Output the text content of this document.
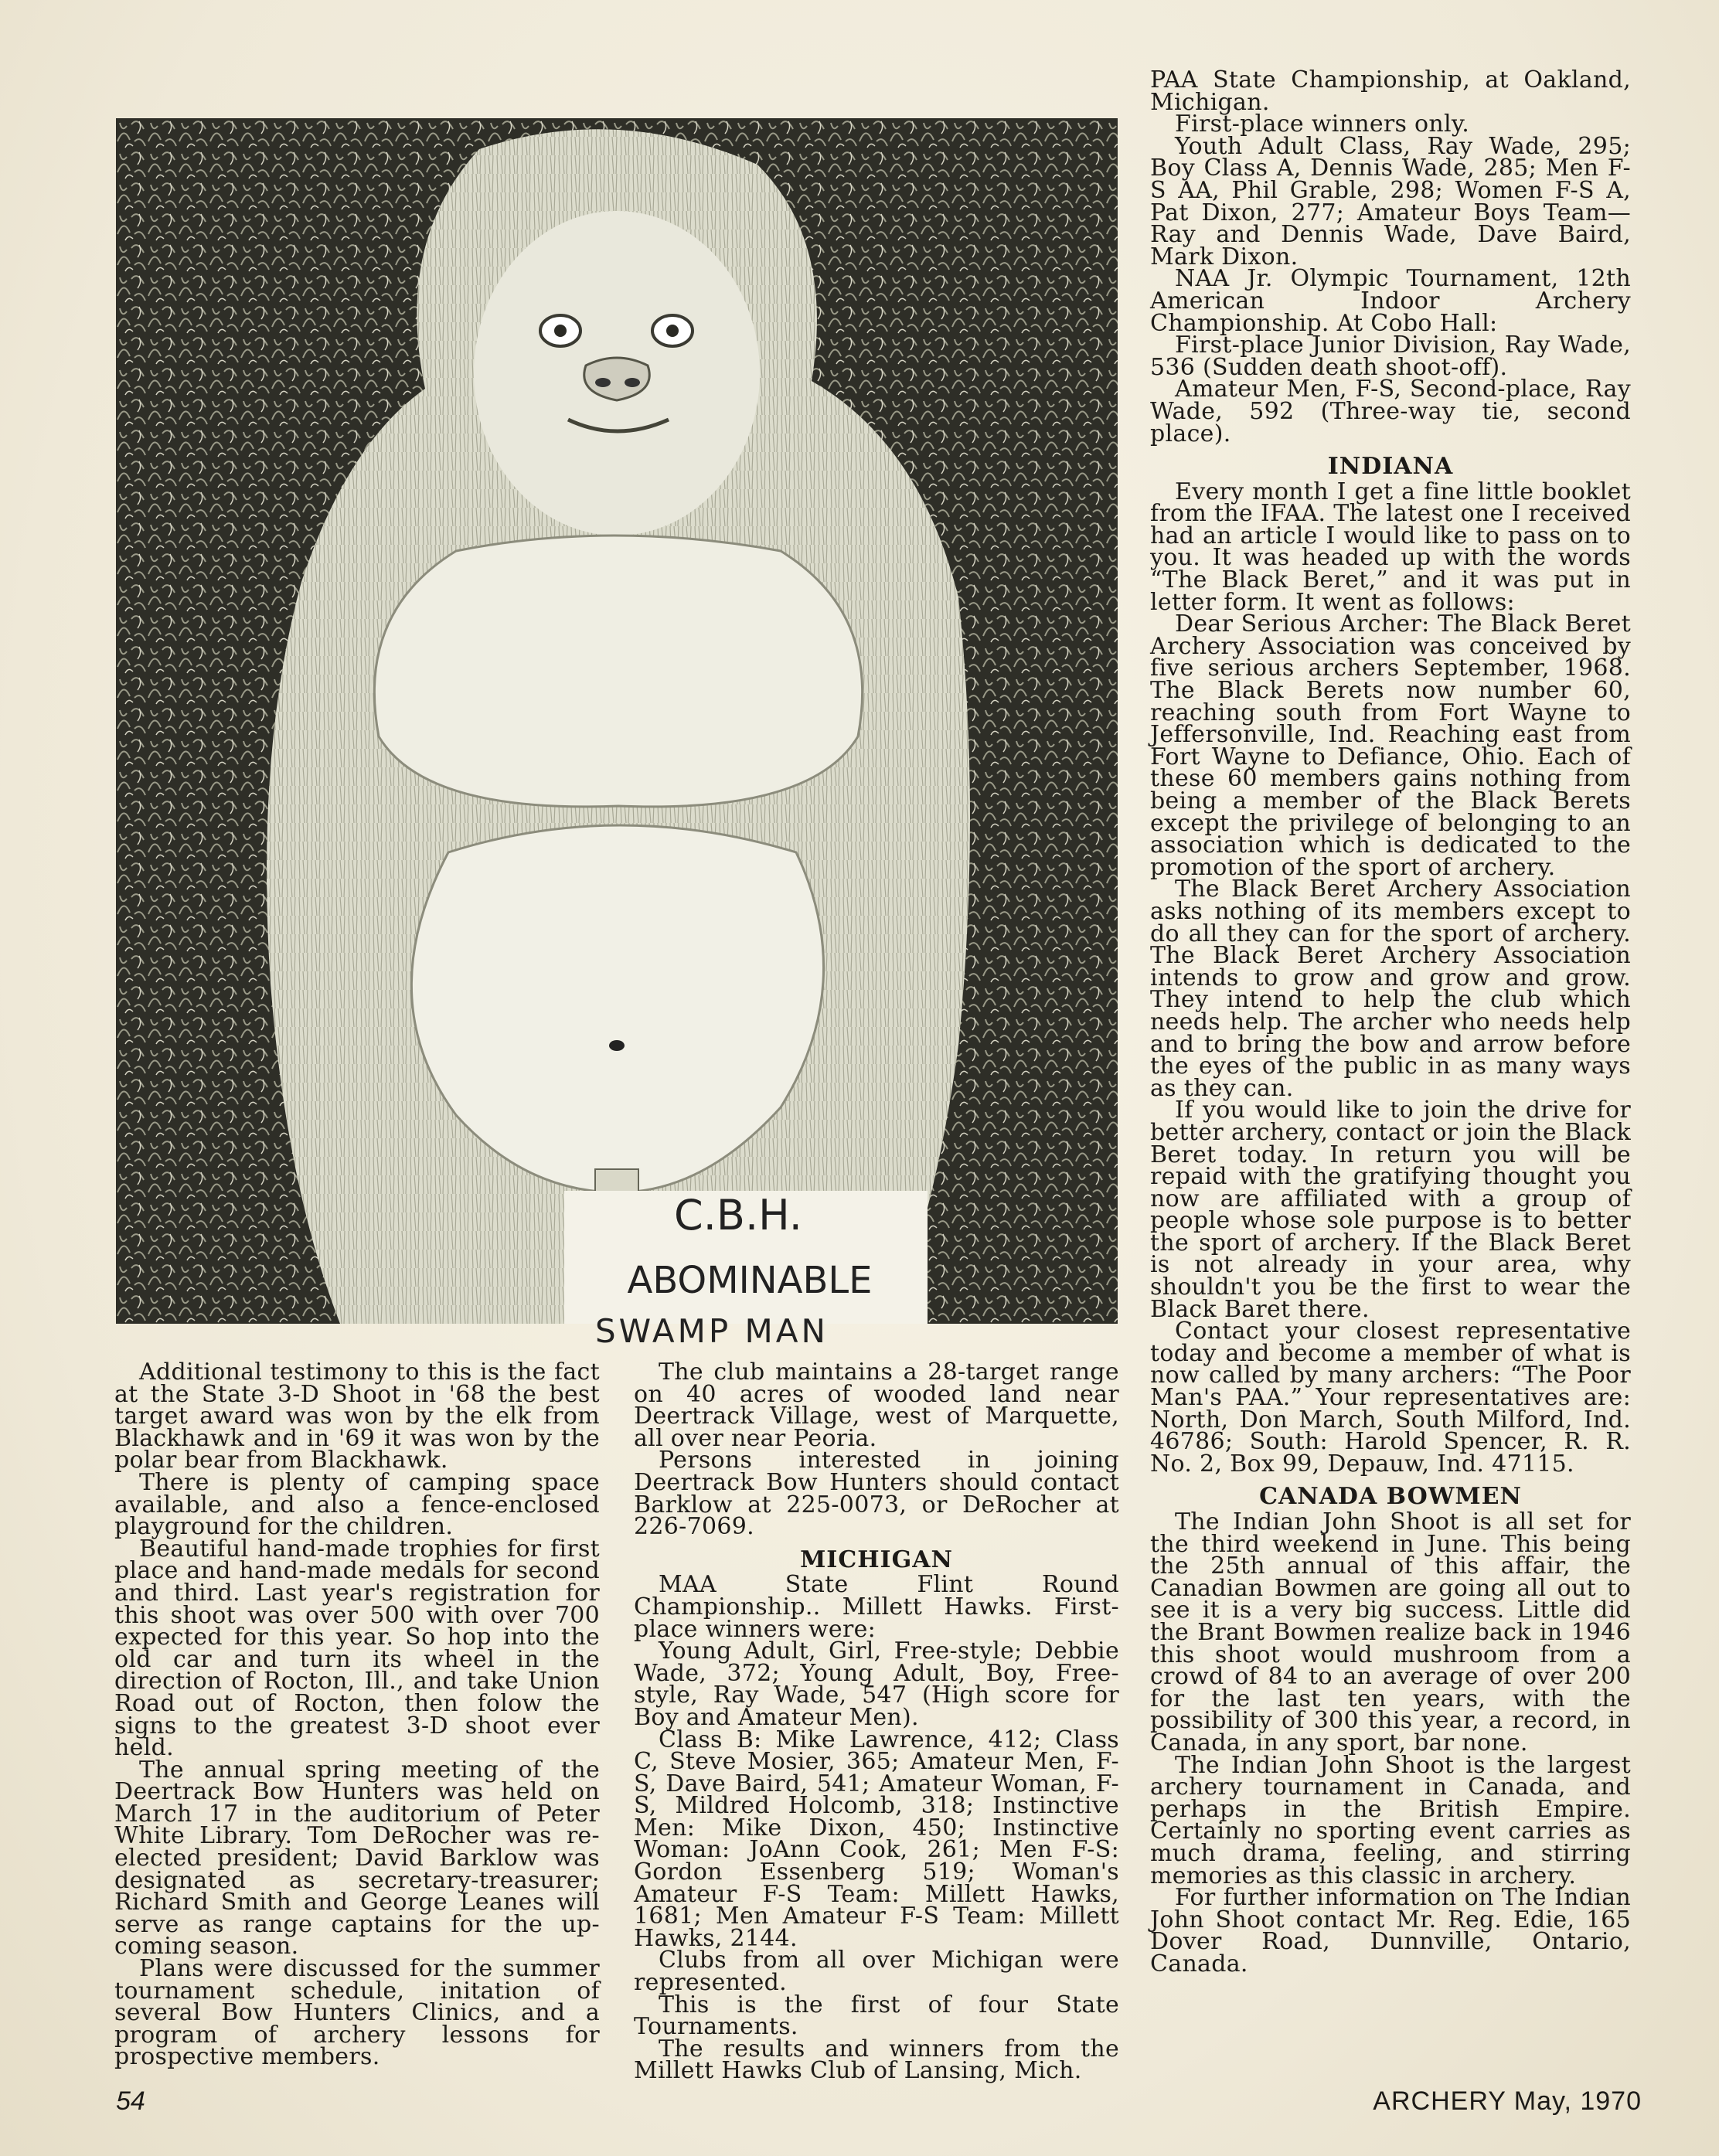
C.B.H.
ABOMINABLE
SWAMP MAN

Additional testimony to this is the fact at the State 3-D Shoot in '68 the best target award was won by the elk from Blackhawk and in '69 it was won by the polar bear from Blackhawk.

There is plenty of camping space available, and also a fence-enclosed playground for the children.

Beautiful hand-made trophies for first place and hand-made medals for second and third. Last year's registration for this shoot was over 500 with over 700 expected for this year. So hop into the old car and turn its wheel in the direction of Rocton, Ill., and take Union Road out of Rocton, then folow the signs to the greatest 3-D shoot ever held.

The annual spring meeting of the Deertrack Bow Hunters was held on March 17 in the auditorium of Peter White Library. Tom DeRocher was re-elected president; David Barklow was designated as secretary-treasurer; Richard Smith and George Leanes will serve as range captains for the up-coming season.

Plans were discussed for the summer tournament schedule, initation of several Bow Hunters Clinics, and a program of archery lessons for prospective members.

The club maintains a 28-target range on 40 acres of wooded land near Deertrack Village, west of Marquette, all over near Peoria.

Persons interested in joining Deertrack Bow Hunters should contact Barklow at 225-0073, or DeRocher at 226-7069.

MICHIGAN

MAA State Flint Round Championship.. Millett Hawks. First-place winners were:

Young Adult, Girl, Free-style; Debbie Wade, 372; Young Adult, Boy, Free-style, Ray Wade, 547 (High score for Boy and Amateur Men).

Class B: Mike Lawrence, 412; Class C, Steve Mosier, 365; Amateur Men, F-S, Dave Baird, 541; Amateur Woman, F-S, Mildred Holcomb, 318; Instinctive Men: Mike Dixon, 450; Instinctive Woman: JoAnn Cook, 261; Men F-S: Gordon Essenberg 519; Woman's Amateur F-S Team: Millett Hawks, 1681; Men Amateur F-S Team: Millett Hawks, 2144.

Clubs from all over Michigan were represented.

This is the first of four State Tournaments.

The results and winners from the Millett Hawks Club of Lansing, Mich.

PAA State Championship, at Oakland, Michigan.

First-place winners only.

Youth Adult Class, Ray Wade, 295; Boy Class A, Dennis Wade, 285; Men F-S AA, Phil Grable, 298; Women F-S A, Pat Dixon, 277; Amateur Boys Team—Ray and Dennis Wade, Dave Baird, Mark Dixon.

NAA Jr. Olympic Tournament, 12th American Indoor Archery Championship. At Cobo Hall:

First-place Junior Division, Ray Wade, 536 (Sudden death shoot-off).

Amateur Men, F-S, Second-place, Ray Wade, 592 (Three-way tie, second place).

INDIANA

Every month I get a fine little booklet from the IFAA. The latest one I received had an article I would like to pass on to you. It was headed up with the words “The Black Beret,” and it was put in letter form. It went as follows:

Dear Serious Archer: The Black Beret Archery Association was conceived by five serious archers September, 1968. The Black Berets now number 60, reaching south from Fort Wayne to Jeffersonville, Ind. Reaching east from Fort Wayne to Defiance, Ohio. Each of these 60 members gains nothing from being a member of the Black Berets except the privilege of belonging to an association which is dedicated to the promotion of the sport of archery.

The Black Beret Archery Association asks nothing of its members except to do all they can for the sport of archery. The Black Beret Archery Association intends to grow and grow and grow. They intend to help the club which needs help. The archer who needs help and to bring the bow and arrow before the eyes of the public in as many ways as they can.

If you would like to join the drive for better archery, contact or join the Black Beret today. In return you will be repaid with the gratifying thought you now are affiliated with a group of people whose sole purpose is to better the sport of archery. If the Black Beret is not already in your area, why shouldn't you be the first to wear the Black Baret there.

Contact your closest representative today and become a member of what is now called by many archers: “The Poor Man's PAA.” Your representatives are: North, Don March, South Milford, Ind. 46786; South: Harold Spencer, R. R. No. 2, Box 99, Depauw, Ind. 47115.

CANADA BOWMEN

The Indian John Shoot is all set for the third weekend in June. This being the 25th annual of this affair, the Canadian Bowmen are going all out to see it is a very big success. Little did the Brant Bowmen realize back in 1946 this shoot would mushroom from a crowd of 84 to an average of over 200 for the last ten years, with the possibility of 300 this year, a record, in Canada, in any sport, bar none.

The Indian John Shoot is the largest archery tournament in Canada, and perhaps in the British Empire. Certainly no sporting event carries as much drama, feeling, and stirring memories as this classic in archery.

For further information on The Indian John Shoot contact Mr. Reg. Edie, 165 Dover Road, Dunnville, Ontario, Canada.

54	ARCHERY May, 1970
